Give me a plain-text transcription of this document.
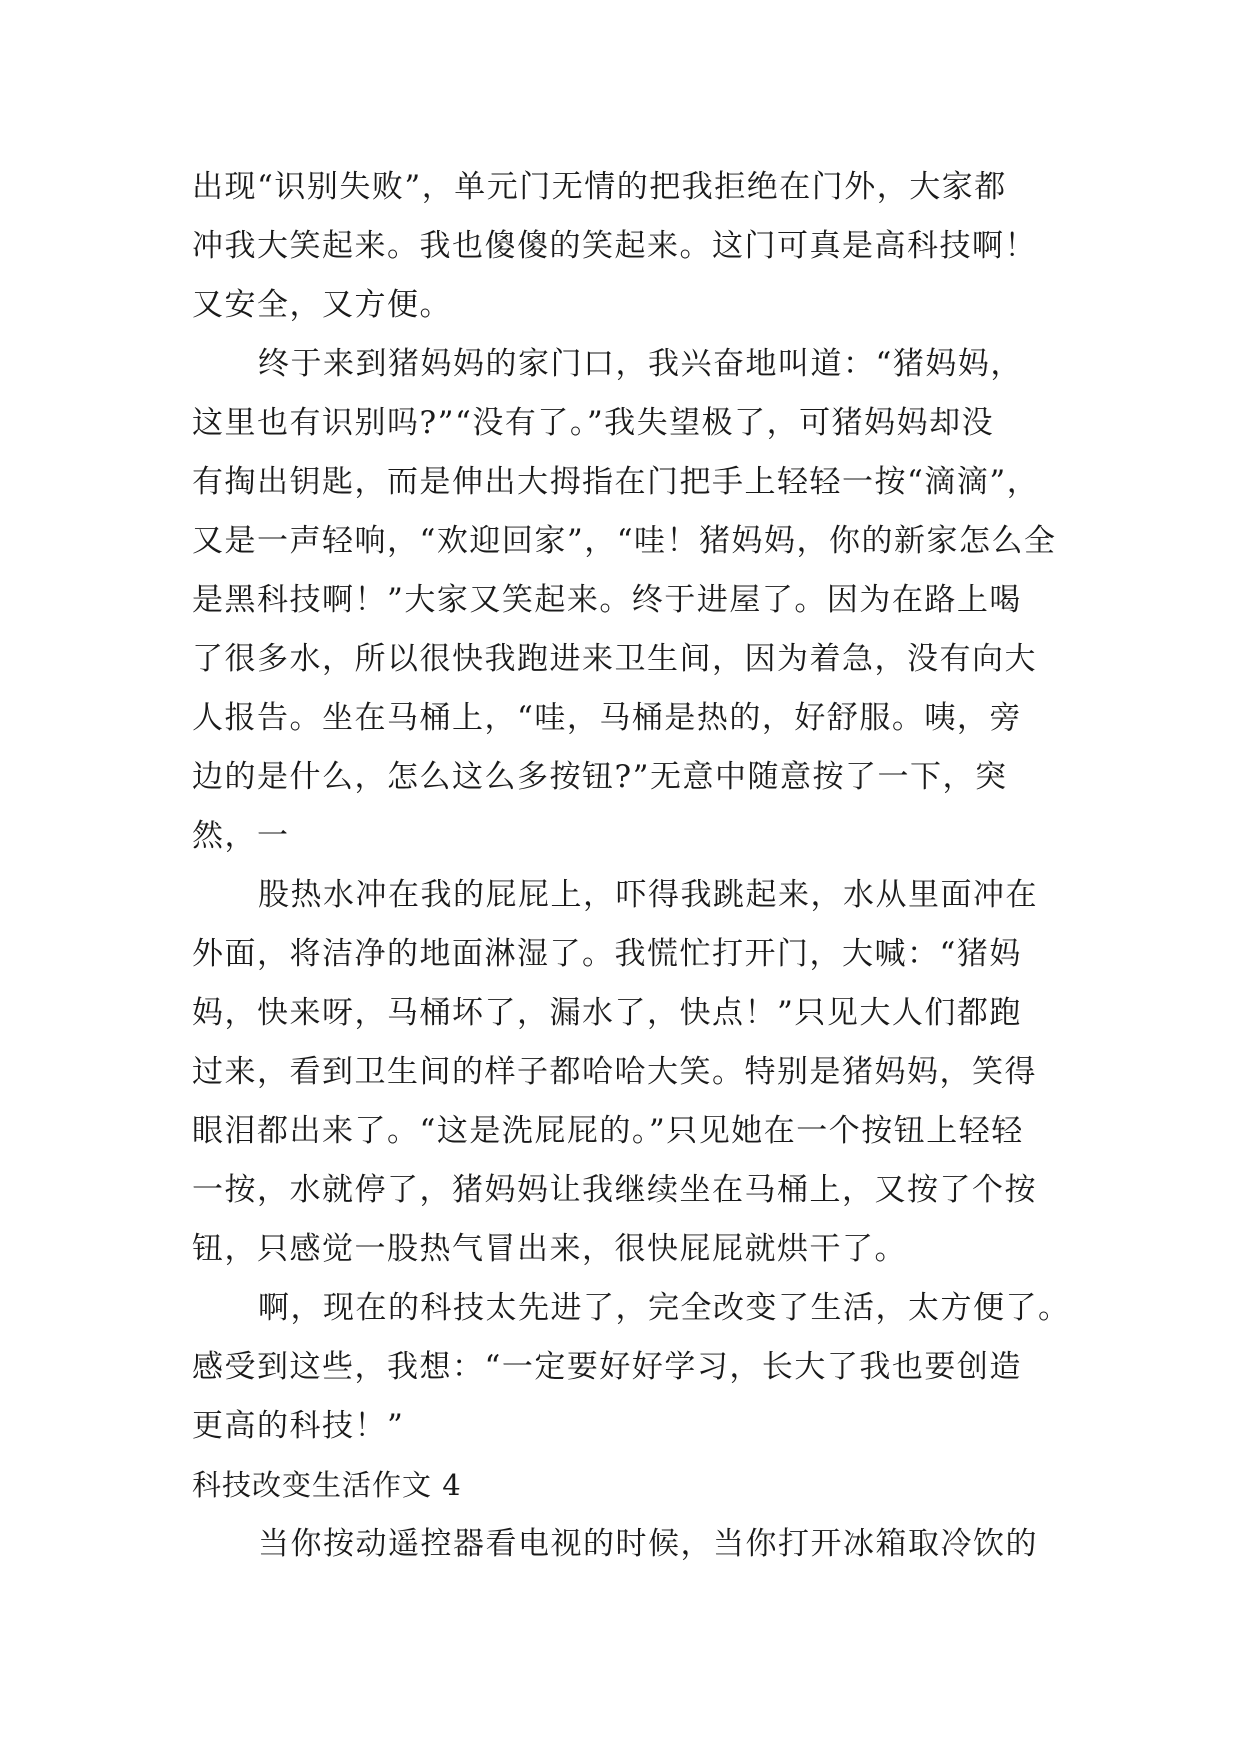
出现“识别失败”，单元门无情的把我拒绝在门外，大家都
冲我大笑起来。我也傻傻的笑起来。这门可真是高科技啊！
又安全，又方便。
终于来到猪妈妈的家门口，我兴奋地叫道：“猪妈妈，
这里也有识别吗?”“没有了。”我失望极了，可猪妈妈却没
有掏出钥匙，而是伸出大拇指在门把手上轻轻一按“滴滴”，
又是一声轻响，“欢迎回家”，“哇！猪妈妈，你的新家怎么全
是黑科技啊！”大家又笑起来。终于进屋了。因为在路上喝
了很多水，所以很快我跑进来卫生间，因为着急，没有向大
人报告。坐在马桶上，“哇，马桶是热的，好舒服。咦，旁
边的是什么，怎么这么多按钮?”无意中随意按了一下，突
然，一
股热水冲在我的屁屁上，吓得我跳起来，水从里面冲在
外面，将洁净的地面淋湿了。我慌忙打开门，大喊：“猪妈
妈，快来呀，马桶坏了，漏水了，快点！”只见大人们都跑
过来，看到卫生间的样子都哈哈大笑。特别是猪妈妈，笑得
眼泪都出来了。“这是洗屁屁的。”只见她在一个按钮上轻轻
一按，水就停了，猪妈妈让我继续坐在马桶上，又按了个按
钮，只感觉一股热气冒出来，很快屁屁就烘干了。
啊，现在的科技太先进了，完全改变了生活，太方便了。
感受到这些，我想：“一定要好好学习，长大了我也要创造
更高的科技！”
科技改变生活作文 4
当你按动遥控器看电视的时候，当你打开冰箱取冷饮的
